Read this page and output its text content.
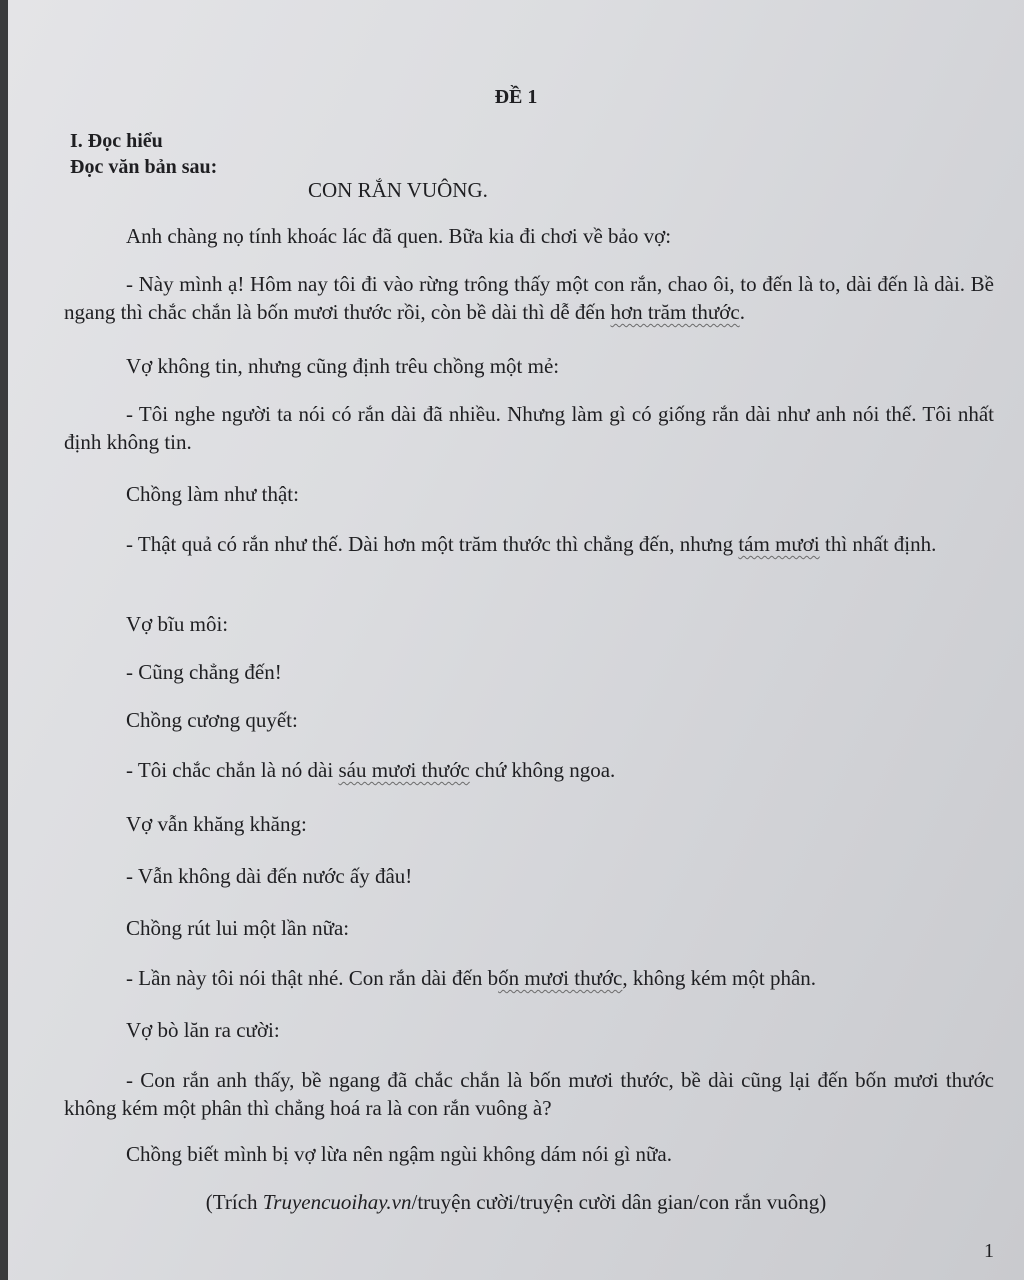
ĐỀ 1
I. Đọc hiểu
Đọc văn bản sau:
CON RẮN VUÔNG.

Anh chàng nọ tính khoác lác đã quen. Bữa kia đi chơi về bảo vợ:

- Này mình ạ! Hôm nay tôi đi vào rừng trông thấy một con rắn, chao ôi, to đến là to, dài đến là dài. Bề ngang thì chắc chắn là bốn mươi thước rồi, còn bề dài thì dễ đến hơn trăm thước.

Vợ không tin, nhưng cũng định trêu chồng một mẻ:

- Tôi nghe người ta nói có rắn dài đã nhiều. Nhưng làm gì có giống rắn dài như anh nói thế. Tôi nhất định không tin.

Chồng làm như thật:

- Thật quả có rắn như thế. Dài hơn một trăm thước thì chẳng đến, nhưng tám mươi thì nhất định.

Vợ bĩu môi:

- Cũng chẳng đến!

Chồng cương quyết:

- Tôi chắc chắn là nó dài sáu mươi thước chứ không ngoa.

Vợ vẫn khăng khăng:

- Vẫn không dài đến nước ấy đâu!

Chồng rút lui một lần nữa:

- Lần này tôi nói thật nhé. Con rắn dài đến bốn mươi thước, không kém một phân.

Vợ bò lăn ra cười:

- Con rắn anh thấy, bề ngang đã chắc chắn là bốn mươi thước, bề dài cũng lại đến bốn mươi thước không kém một phân thì chẳng hoá ra là con rắn vuông à?

Chồng biết mình bị vợ lừa nên ngậm ngùi không dám nói gì nữa.

(Trích Truyencuoihay.vn/truyện cười/truyện cười dân gian/con rắn vuông)
1
